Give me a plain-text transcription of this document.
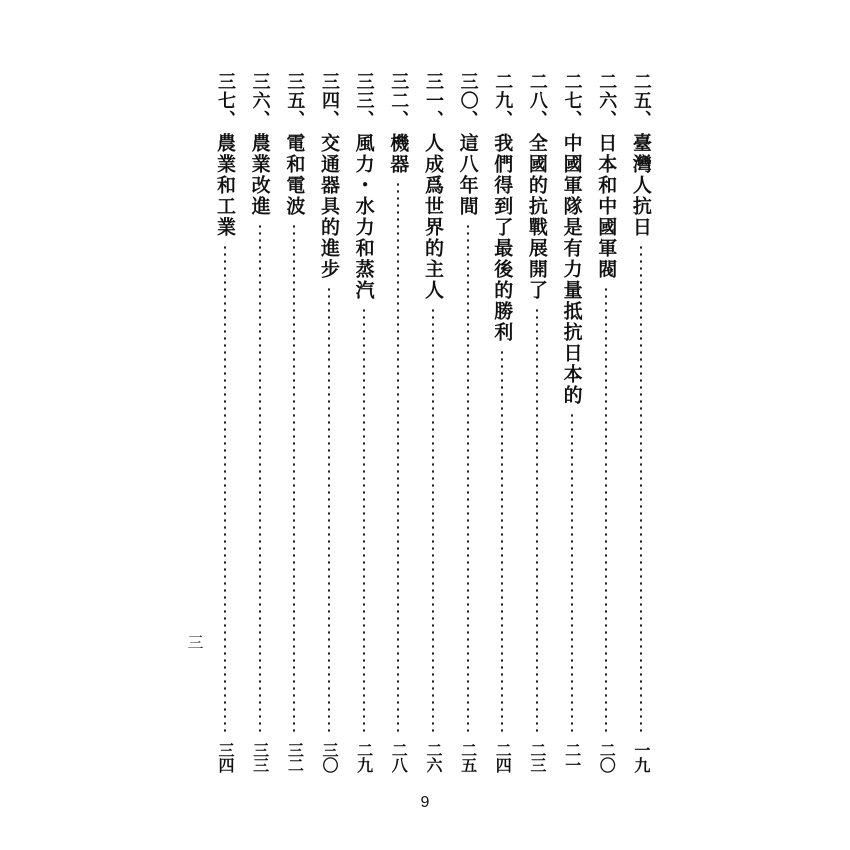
二五、
臺灣人抗日
一九
二六、
日本和中國軍閥
二〇
二七、
中國軍隊是有力量抵抗日本的
二一
二八、
全國的抗戰展開了
二三
二九、
我們得到了最後的勝利
二四
三〇、
這八年間
二五
三一、
人成爲世界的主人
二六
三二、
機器
二八
三三、
風力・水力和蒸汽
二九
三四、
交通器具的進步
三〇
三五、
電和電波
三二
三六、
農業改進
三三
三七、
農業和工業
三四
三
9
